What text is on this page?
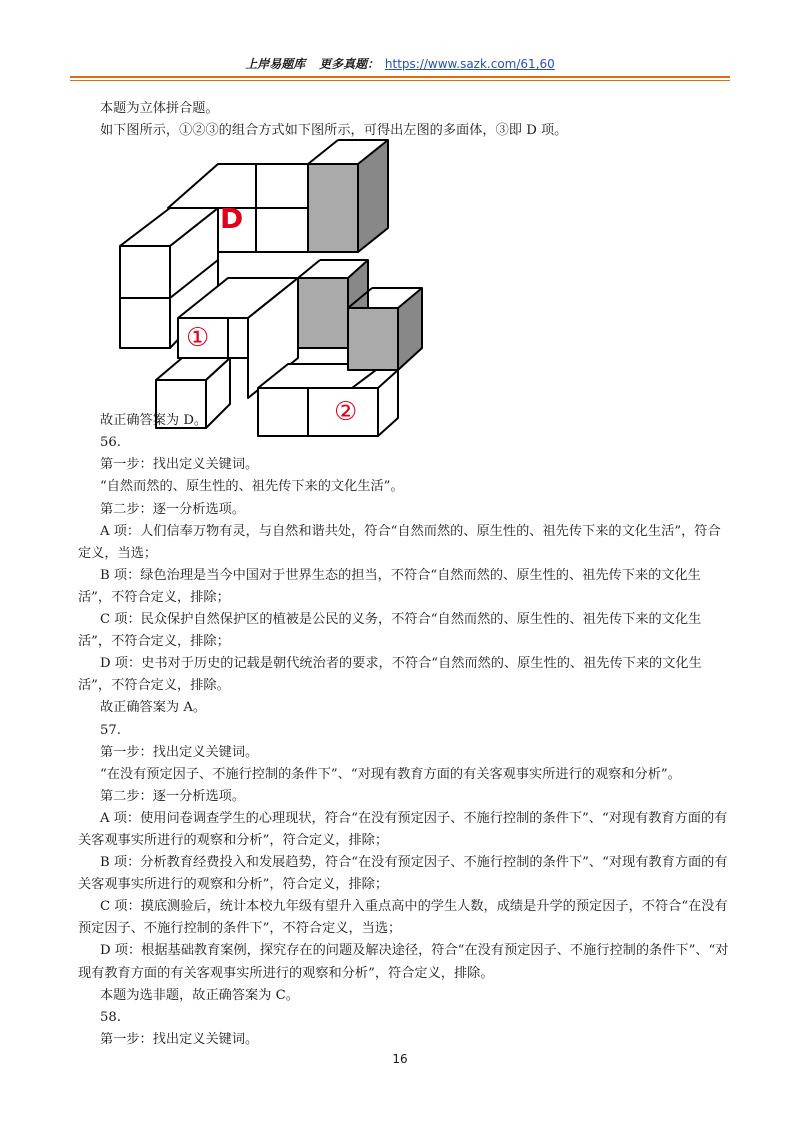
上岸易题库 更多真题： https://www.sazk.com/61,60

本题为立体拼合题。

如下图所示，①②③的组合方式如下图所示，可得出左图的多面体，③即 D 项。

D
①
②

故正确答案为 D。

56.

第一步：找出定义关键词。

“自然而然的、原生性的、祖先传下来的文化生活”。

第二步：逐一分析选项。

A 项：人们信奉万物有灵，与自然和谐共处，符合“自然而然的、原生性的、祖先传下来的文化生活”，符合定义，当选；

B 项：绿色治理是当今中国对于世界生态的担当，不符合“自然而然的、原生性的、祖先传下来的文化生活”，不符合定义，排除；

C 项：民众保护自然保护区的植被是公民的义务，不符合“自然而然的、原生性的、祖先传下来的文化生活”，不符合定义，排除；

D 项：史书对于历史的记载是朝代统治者的要求，不符合“自然而然的、原生性的、祖先传下来的文化生活”，不符合定义，排除。

故正确答案为 A。

57.

第一步：找出定义关键词。

“在没有预定因子、不施行控制的条件下”、“对现有教育方面的有关客观事实所进行的观察和分析”。

第二步：逐一分析选项。

A 项：使用问卷调查学生的心理现状，符合“在没有预定因子、不施行控制的条件下”、“对现有教育方面的有关客观事实所进行的观察和分析”，符合定义，排除；

B 项：分析教育经费投入和发展趋势，符合“在没有预定因子、不施行控制的条件下”、“对现有教育方面的有关客观事实所进行的观察和分析”，符合定义，排除；

C 项：摸底测验后，统计本校九年级有望升入重点高中的学生人数，成绩是升学的预定因子，不符合“在没有预定因子、不施行控制的条件下”，不符合定义，当选；

D 项：根据基础教育案例，探究存在的问题及解决途径，符合“在没有预定因子、不施行控制的条件下”、“对现有教育方面的有关客观事实所进行的观察和分析”，符合定义，排除。

本题为选非题，故正确答案为 C。

58.

第一步：找出定义关键词。

16
